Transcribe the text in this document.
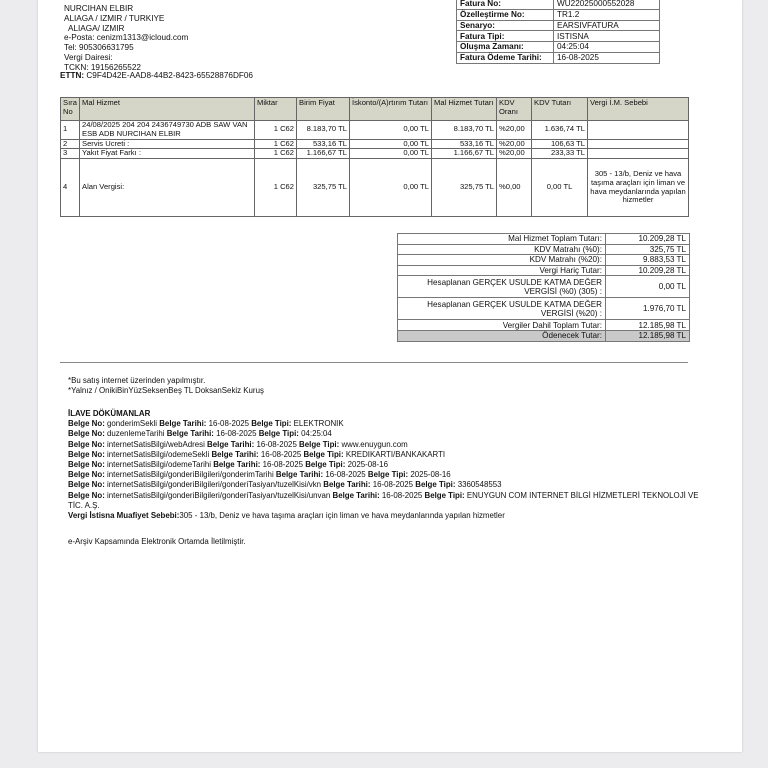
NURCIHAN ELBIR
ALIAGA / IZMIR / TURKIYE
ALIAGA/ IZMIR
e-Posta: cenizm1313@icloud.com
Tel: 905306631795
Vergi Dairesi:
TCKN: 19156265522
ETTN: C9F4D42E-AAD8-44B2-8423-65528876DF06
Fatura No:	WU2202500055​2028
Özelleştirme No:	TR1.2
Senaryo:	EARSIVFATURA
Fatura Tipi:	ISTISNA
Oluşma Zamanı:	04:25:04
Fatura Ödeme Tarihi:	16-08-2025
Sıra No	Mal Hizmet	Miktar	Birim Fiyat	İskonto/(A)rtırım Tutarı	Mal Hizmet Tutarı	KDV Oranı	KDV Tutarı	Vergi İ.M. Sebebi
1	24/08/2025 204 204 2436749730 ADB SAW VAN ESB ADB NURCIHAN ELBIR	1 C62	8.183,70 TL	0,00 TL	8.183,70 TL	%20,00	1.636,74 TL	
2	Servis Ucreti :	1 C62	533,16 TL	0,00 TL	533,16 TL	%20,00	106,63 TL	
3	Yakıt Fiyat Farkı :	1 C62	1.166,67 TL	0,00 TL	1.166,67 TL	%20,00	233,33 TL	
4	Alan Vergisi:	1 C62	325,75 TL	0,00 TL	325,75 TL	%0,00	0,00 TL	305 - 13/b, Deniz ve hava taşıma araçları için liman ve hava meydanlarında yapılan hizmetler
Mal Hizmet Toplam Tutarı:	10.209,28 TL
KDV Matrahı (%0):	325,75 TL
KDV Matrahı (%20):	9.883,53 TL
Vergi Hariç Tutar:	10.209,28 TL
Hesaplanan GERÇEK USULDE KATMA DEĞER VERGİSİ (%0) (305) :	0,00 TL
Hesaplanan GERÇEK USULDE KATMA DEĞER VERGİSİ (%20) :	1.976,70 TL
Vergiler Dahil Toplam Tutar:	12.185,98 TL
Ödenecek Tutar:	12.185,98 TL
*Bu satış internet üzerinden yapılmıştır.
*Yalnız / OnikiBinYüzSeksenBeş TL DoksanSekiz Kuruş
İLAVE DÖKÜMANLAR
Belge No: gonderimSekli Belge Tarihi: 16-08-2025 Belge Tipi: ELEKTRONIK
Belge No: duzenlemeTarihi Belge Tarihi: 16-08-2025 Belge Tipi: 04:25:04
Belge No: internetSatisBilgi/webAdresi Belge Tarihi: 16-08-2025 Belge Tipi: www.enuygun.com
Belge No: internetSatisBilgi/odemeSekli Belge Tarihi: 16-08-2025 Belge Tipi: KREDIKARTI/BANKAKARTI
Belge No: internetSatisBilgi/odemeTarihi Belge Tarihi: 16-08-2025 Belge Tipi: 2025-08-16
Belge No: internetSatisBilgi/gonderiBilgileri/gonderimTarihi Belge Tarihi: 16-08-2025 Belge Tipi: 2025-08-16
Belge No: internetSatisBilgi/gonderiBilgileri/gonderiTasiyan/tuzelKisi/vkn Belge Tarihi: 16-08-2025 Belge Tipi: 3360548553
Belge No: internetSatisBilgi/gonderiBilgileri/gonderiTasiyan/tuzelKisi/unvan Belge Tarihi: 16-08-2025 Belge Tipi: ENUYGUN COM INTERNET BİLGİ HİZMETLERİ TEKNOLOJİ VE TİC. A.Ş.
Vergi İstisna Muafiyet Sebebi:305 - 13/b, Deniz ve hava taşıma araçları için liman ve hava meydanlarında yapılan hizmetler
e-Arşiv Kapsamında Elektronik Ortamda İletilmiştir.
